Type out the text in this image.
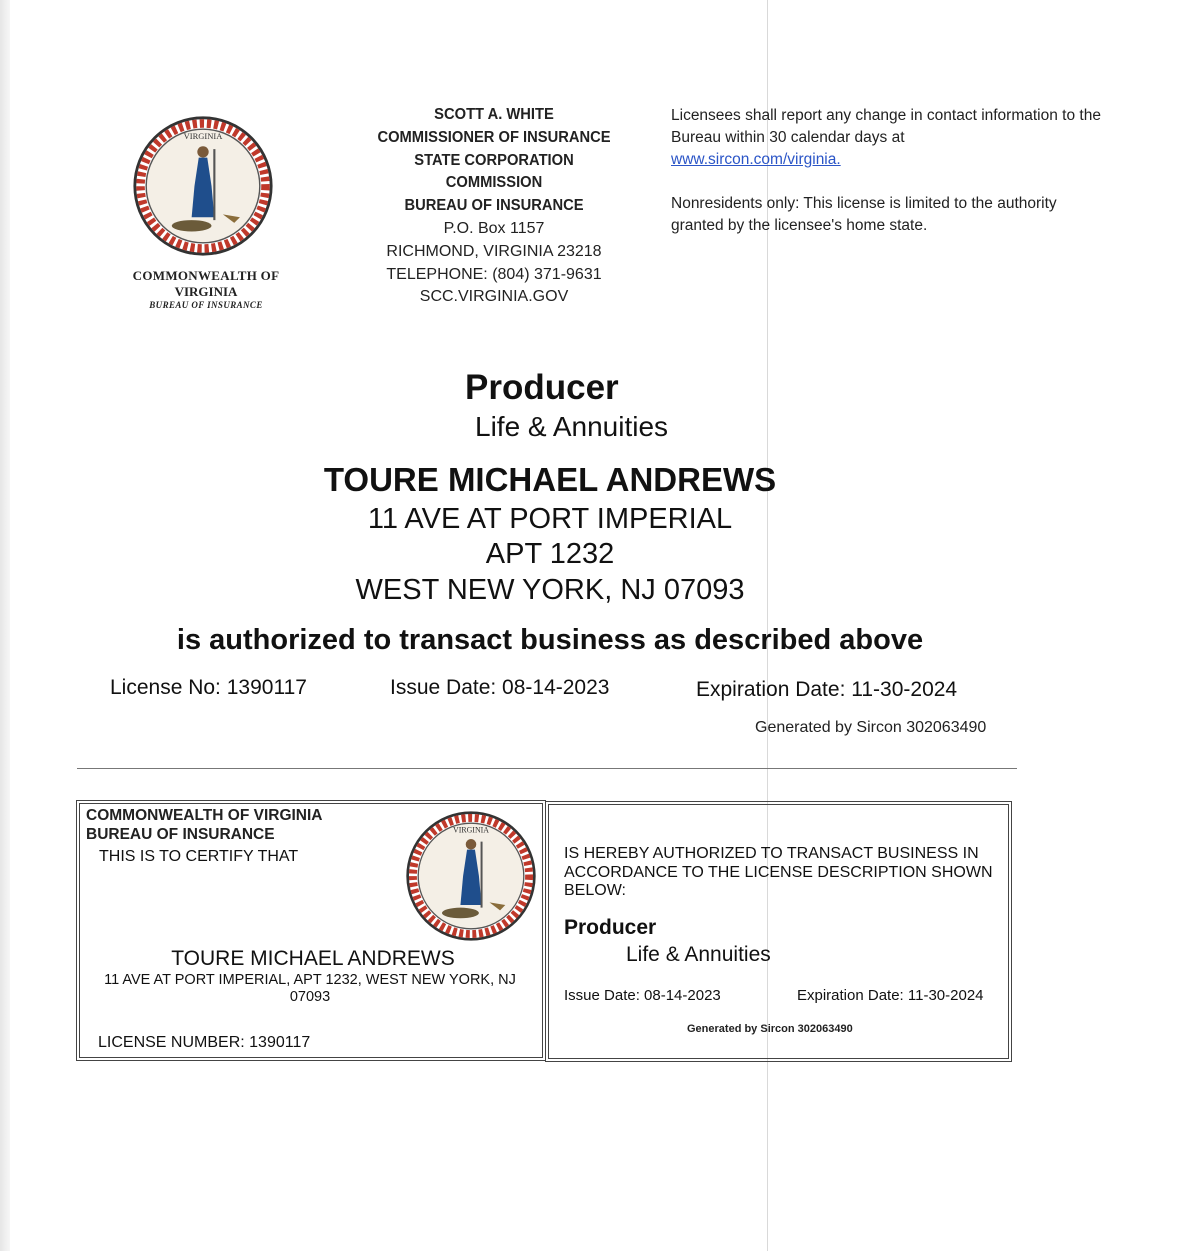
VIRGINIA
COMMONWEALTH OF
VIRGINIA
BUREAU OF INSURANCE
SCOTT A. WHITE
COMMISSIONER OF INSURANCE
STATE CORPORATION
COMMISSION
BUREAU OF INSURANCE
P.O. Box 1157
RICHMOND, VIRGINIA 23218
TELEPHONE: (804) 371-9631
SCC.VIRGINIA.GOV

Licensees shall report any change in contact information to the Bureau within 30 calendar days at
www.sircon.com/virginia.

Nonresidents only: This license is limited to the authority granted by the licensee's home state.

Producer
Life & Annuities
TOURE MICHAEL ANDREWS
11 AVE AT PORT IMPERIAL
APT 1232
WEST NEW YORK, NJ 07093
is authorized to transact business as described above
License No: 1390117	Issue Date: 08-14-2023	Expiration Date: 11-30-2024
Generated by Sircon 302063490
COMMONWEALTH OF VIRGINIA
BUREAU OF INSURANCE
THIS IS TO CERTIFY THAT
VIRGINIA
TOURE MICHAEL ANDREWS
11 AVE AT PORT IMPERIAL, APT 1232, WEST NEW YORK, NJ 07093
LICENSE NUMBER: 1390117
IS HEREBY AUTHORIZED TO TRANSACT BUSINESS IN ACCORDANCE TO THE LICENSE DESCRIPTION SHOWN BELOW:
Producer
Life & Annuities
Issue Date: 08-14-2023	Expiration Date: 11-30-2024
Generated by Sircon 302063490
